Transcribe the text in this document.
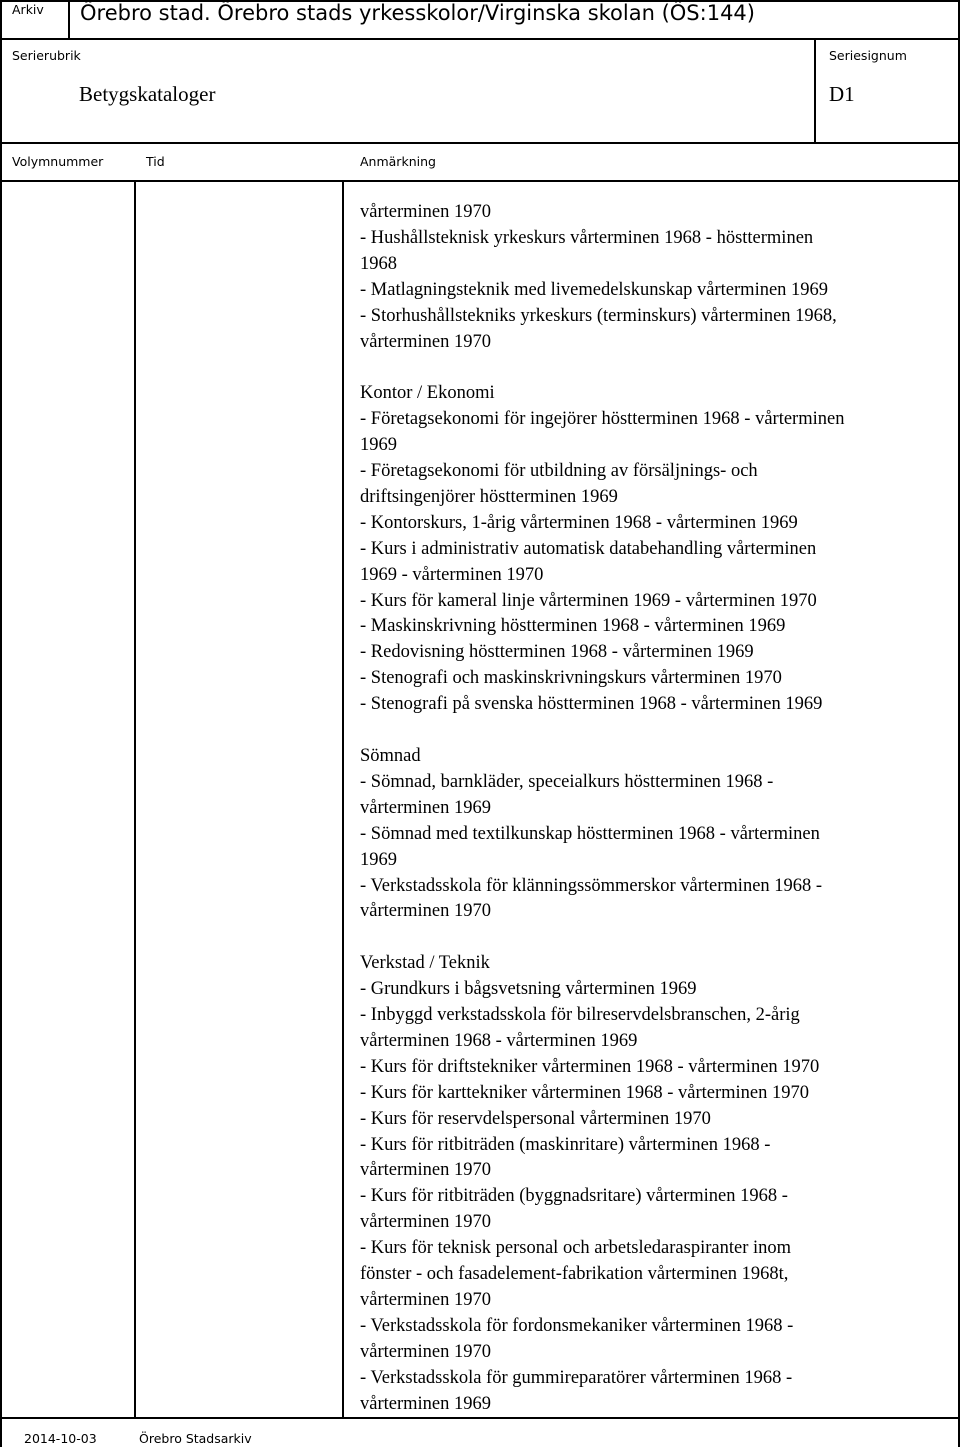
Arkiv Örebro stad. Örebro stads yrkesskolor/Virginska skolan (ÖS:144)
Serierubrik
Betygskataloger
Seriesignum
D1
Volymnummer	Tid	Anmärkning
vårterminen 1970
- Hushållsteknisk yrkeskurs vårterminen 1968 - höstterminen
1968
- Matlagningsteknik med livemedelskunskap vårterminen 1969
- Storhushållstekniks yrkeskurs (terminskurs) vårterminen 1968,
vårterminen 1970
Kontor / Ekonomi
- Företagsekonomi för ingejörer höstterminen 1968 - vårterminen
1969
- Företagsekonomi för utbildning av försäljnings- och
driftsingenjörer höstterminen 1969
- Kontorskurs, 1-årig vårterminen 1968 - vårterminen 1969
- Kurs i administrativ automatisk databehandling vårterminen
1969 - vårterminen 1970
- Kurs för kameral linje vårterminen 1969 - vårterminen 1970
- Maskinskrivning höstterminen 1968 - vårterminen 1969
- Redovisning höstterminen 1968 - vårterminen 1969
- Stenografi och maskinskrivningskurs vårterminen 1970
- Stenografi på svenska höstterminen 1968 - vårterminen 1969
Sömnad
- Sömnad, barnkläder, speceialkurs höstterminen 1968 -
vårterminen 1969
- Sömnad med textilkunskap höstterminen 1968 - vårterminen
1969
- Verkstadsskola för klänningssömmerskor vårterminen 1968 -
vårterminen 1970
Verkstad / Teknik
- Grundkurs i bågsvetsning vårterminen 1969
- Inbyggd verkstadsskola för bilreservdelsbranschen, 2-årig
vårterminen 1968 - vårterminen 1969
- Kurs för driftstekniker vårterminen 1968 - vårterminen 1970
- Kurs för karttekniker vårterminen 1968 - vårterminen 1970
- Kurs för reservdelspersonal vårterminen 1970
- Kurs för ritbiträden (maskinritare) vårterminen 1968 -
vårterminen 1970
- Kurs för ritbiträden (byggnadsritare) vårterminen 1968 -
vårterminen 1970
- Kurs för teknisk personal och arbetsledaraspiranter inom
fönster - och fasadelement-fabrikation vårterminen 1968t,
vårterminen 1970
- Verkstadsskola för fordonsmekaniker vårterminen 1968 -
vårterminen 1970
- Verkstadsskola för gummireparatörer vårterminen 1968 -
vårterminen 1969
2014-10-03	Örebro Stadsarkiv
